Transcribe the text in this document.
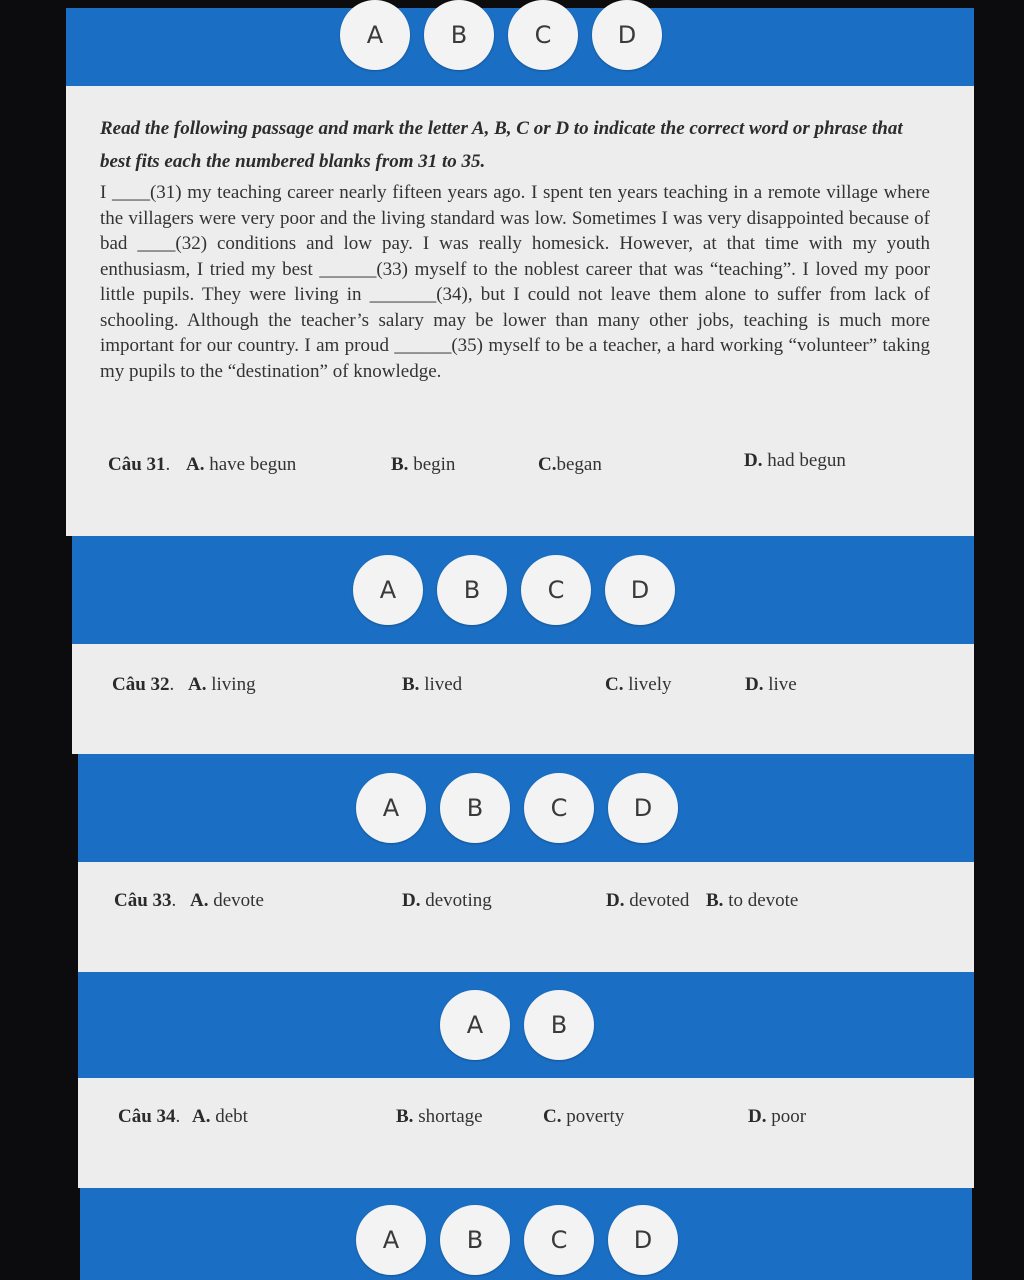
A	B	C	D

Read the following passage and mark the letter A, B, C or D to indicate the correct word or phrase that best fits each the numbered blanks from 31 to 35.

I ____(31) my teaching career nearly fifteen years ago. I spent ten years teaching in a remote village where the villagers were very poor and the living standard was low. Sometimes I was very disappointed because of bad ____(32) conditions and low pay. I was really homesick. However, at that time with my youth enthusiasm, I tried my best ______(33) myself to the noblest career that was “teaching”. I loved my poor little pupils. They were living in _______(34), but I could not leave them alone to suffer from lack of schooling. Although the teacher’s salary may be lower than many other jobs, teaching is much more important for our country. I am proud ______(35) myself to be a teacher, a hard working “volunteer” taking my pupils to the “destination” of knowledge.

Câu 31. A. have begun	B. begin	C.began	D. had begun
A	B	C	D
Câu 32. A. living	B. lived	C. lively	D. live
A	B	C	D
Câu 33. A. devote	D. devoting	D. devoted B. to devote
A	B
Câu 34. A. debt	B. shortage	C. poverty	D. poor
A	B	C	D
